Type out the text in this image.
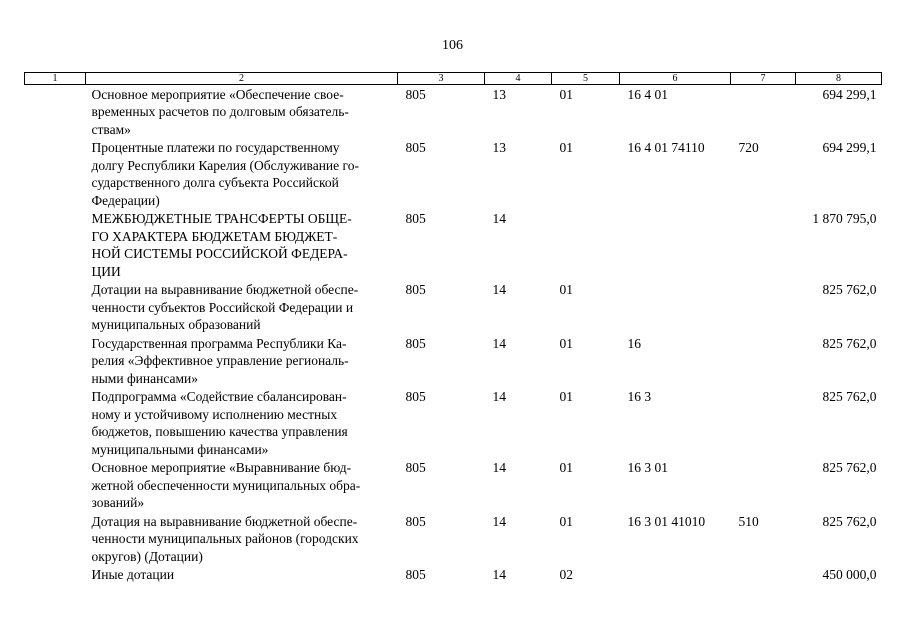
106
1	2	3	4	5	6	7	8

	Основное мероприятие «Обеспечение свое-
временных расчетов по долговым обязатель-
ствам»	805	13	01	16 4 01		694 299,1

	Процентные платежи по государственному
долгу Республики Карелия (Обслуживание го-
сударственного долга субъекта Российской
Федерации)	805	13	01	16 4 01 74110	720	694 299,1

	МЕЖБЮДЖЕТНЫЕ ТРАНСФЕРТЫ ОБЩЕ-
ГО ХАРАКТЕРА БЮДЖЕТАМ БЮДЖЕТ-
НОЙ СИСТЕМЫ РОССИЙСКОЙ ФЕДЕРА-
ЦИИ	805	14				1 870 795,0

	Дотации на выравнивание бюджетной обеспе-
ченности субъектов Российской Федерации и
муниципальных образований	805	14	01			825 762,0

	Государственная программа Республики Ка-
релия «Эффективное управление региональ-
ными финансами»	805	14	01	16		825 762,0

	Подпрограмма «Содействие сбалансирован-
ному и устойчивому исполнению местных
бюджетов, повышению качества управления
муниципальными финансами»	805	14	01	16 3		825 762,0

	Основное мероприятие «Выравнивание бюд-
жетной обеспеченности муниципальных обра-
зований»	805	14	01	16 3 01		825 762,0

	Дотация на выравнивание бюджетной обеспе-
ченности муниципальных районов (городских
округов) (Дотации)	805	14	01	16 3 01 41010	510	825 762,0

	Иные дотации	805	14	02			450 000,0
